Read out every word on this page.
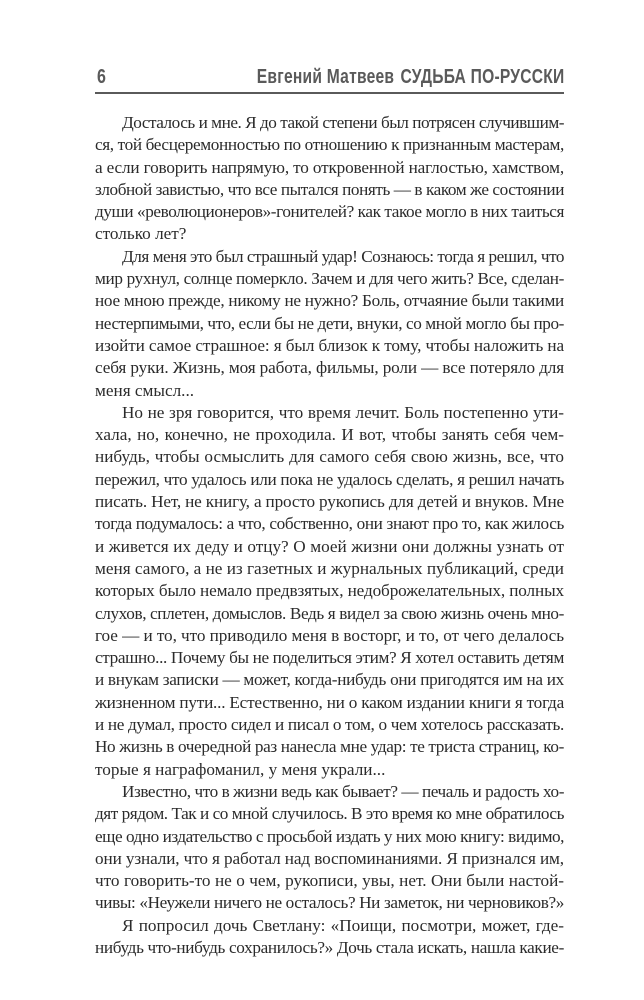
6	Евгений Матвеев СУДЬБА ПО-РУССКИ
Досталось и мне. Я до такой степени был потрясен случившим-
ся, той бесцеремонностью по отношению к признанным мастерам,
а если говорить напрямую, то откровенной наглостью, хамством,
злобной завистью, что все пытался понять — в каком же состоянии
души «революционеров»-гонителей? как такое могло в них таиться
столько лет?
Для меня это был страшный удар! Сознаюсь: тогда я решил, что
мир рухнул, солнце померкло. Зачем и для чего жить? Все, сделан-
ное мною прежде, никому не нужно? Боль, отчаяние были такими
нестерпимыми, что, если бы не дети, внуки, со мной могло бы про-
изойти самое страшное: я был близок к тому, чтобы наложить на
себя руки. Жизнь, моя работа, фильмы, роли — все потеряло для
меня смысл...
Но не зря говорится, что время лечит. Боль постепенно ути-
хала, но, конечно, не проходила. И вот, чтобы занять себя чем-
нибудь, чтобы осмыслить для самого себя свою жизнь, все, что
пережил, что удалось или пока не удалось сделать, я решил начать
писать. Нет, не книгу, а просто рукопись для детей и внуков. Мне
тогда подумалось: а что, собственно, они знают про то, как жилось
и живется их деду и отцу? О моей жизни они должны узнать от
меня самого, а не из газетных и журнальных публикаций, среди
которых было немало предвзятых, недоброжелательных, полных
слухов, сплетен, домыслов. Ведь я видел за свою жизнь очень мно-
гое — и то, что приводило меня в восторг, и то, от чего делалось
страшно... Почему бы не поделиться этим? Я хотел оставить детям
и внукам записки — может, когда-нибудь они пригодятся им на их
жизненном пути... Естественно, ни о каком издании книги я тогда
и не думал, просто сидел и писал о том, о чем хотелось рассказать.
Но жизнь в очередной раз нанесла мне удар: те триста страниц, ко-
торые я награфоманил, у меня украли...
Известно, что в жизни ведь как бывает? — печаль и радость хо-
дят рядом. Так и со мной случилось. В это время ко мне обратилось
еще одно издательство с просьбой издать у них мою книгу: видимо,
они узнали, что я работал над воспоминаниями. Я признался им,
что говорить-то не о чем, рукописи, увы, нет. Они были настой-
чивы: «Неужели ничего не осталось? Ни заметок, ни черновиков?»
Я попросил дочь Светлану: «Поищи, посмотри, может, где-
нибудь что-нибудь сохранилось?» Дочь стала искать, нашла какие-
